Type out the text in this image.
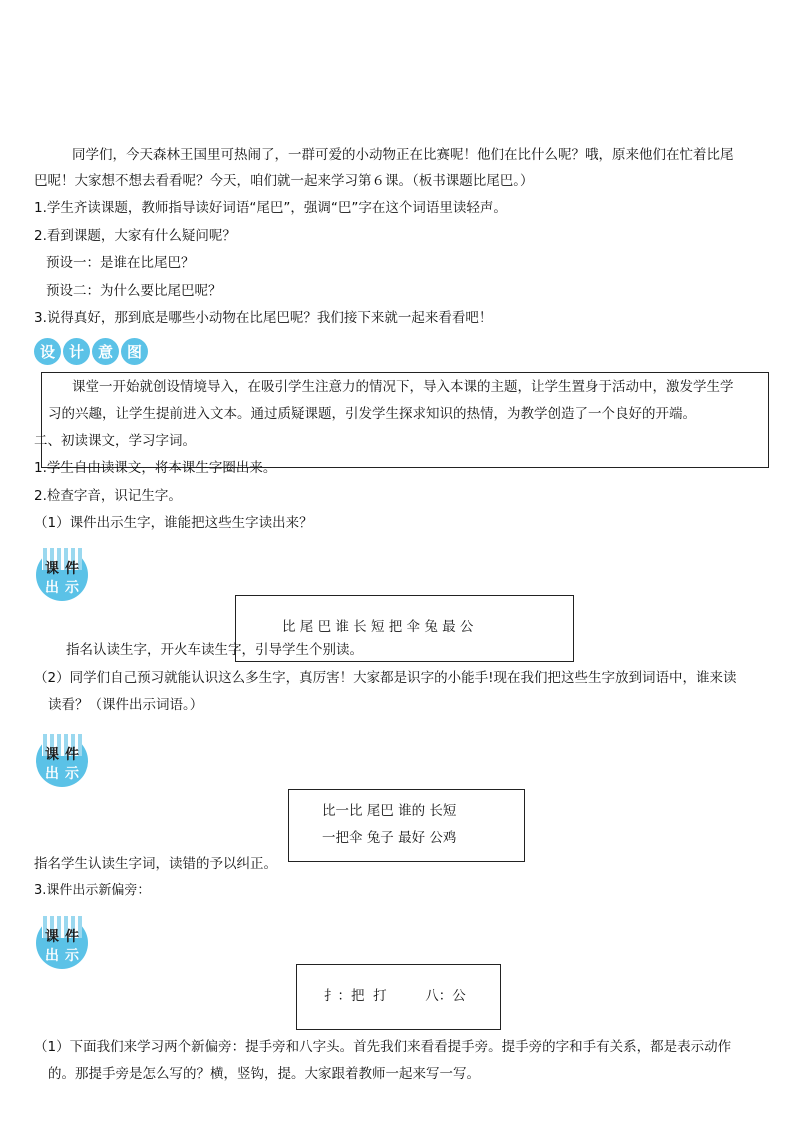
同学们，今天森林王国里可热闹了，一群可爱的小动物正在比赛呢！他们在比什么呢？哦，原来他们在忙着比尾
巴呢！大家想不想去看看呢？今天，咱们就一起来学习第６课。（板书课题比尾巴。）
1.学生齐读课题，教师指导读好词语“尾巴”，强调“巴”字在这个词语里读轻声。
2.看到课题，大家有什么疑问呢？
预设一：是谁在比尾巴？
预设二：为什么要比尾巴呢？
3.说得真好，那到底是哪些小动物在比尾巴呢？我们接下来就一起来看看吧！
设 计 意 图
课堂一开始就创设情境导入，在吸引学生注意力的情况下，导入本课的主题，让学生置身于活动中，激发学生学
习的兴趣，让学生提前进入文本。通过质疑课题，引发学生探求知识的热情，为教学创造了一个良好的开端。
二、初读课文，学习字词。
1.学生自由读课文，将本课生字圈出来。
2.检查字音，识记生字。
（1）课件出示生字，谁能把这些生字读出来？
课件
出示
比 尾 巴 谁 长 短 把 伞 兔 最 公
指名认读生字，开火车读生字，引导学生个别读。
（2）同学们自己预习就能认识这么多生字，真厉害！大家都是识字的小能手!现在我们把这些生字放到词语中，谁来读
读看？（课件出示词语。）
课件
出示
比一比 尾巴 谁的 长短
一把伞 兔子 最好 公鸡
指名学生认读生字词，读错的予以纠正。
3.课件出示新偏旁：
课件
出示
扌：把  打         八：公
（1）下面我们来学习两个新偏旁：提手旁和八字头。首先我们来看看提手旁。提手旁的字和手有关系，都是表示动作
的。那提手旁是怎么写的？横，竖钩，提。大家跟着教师一起来写一写。
